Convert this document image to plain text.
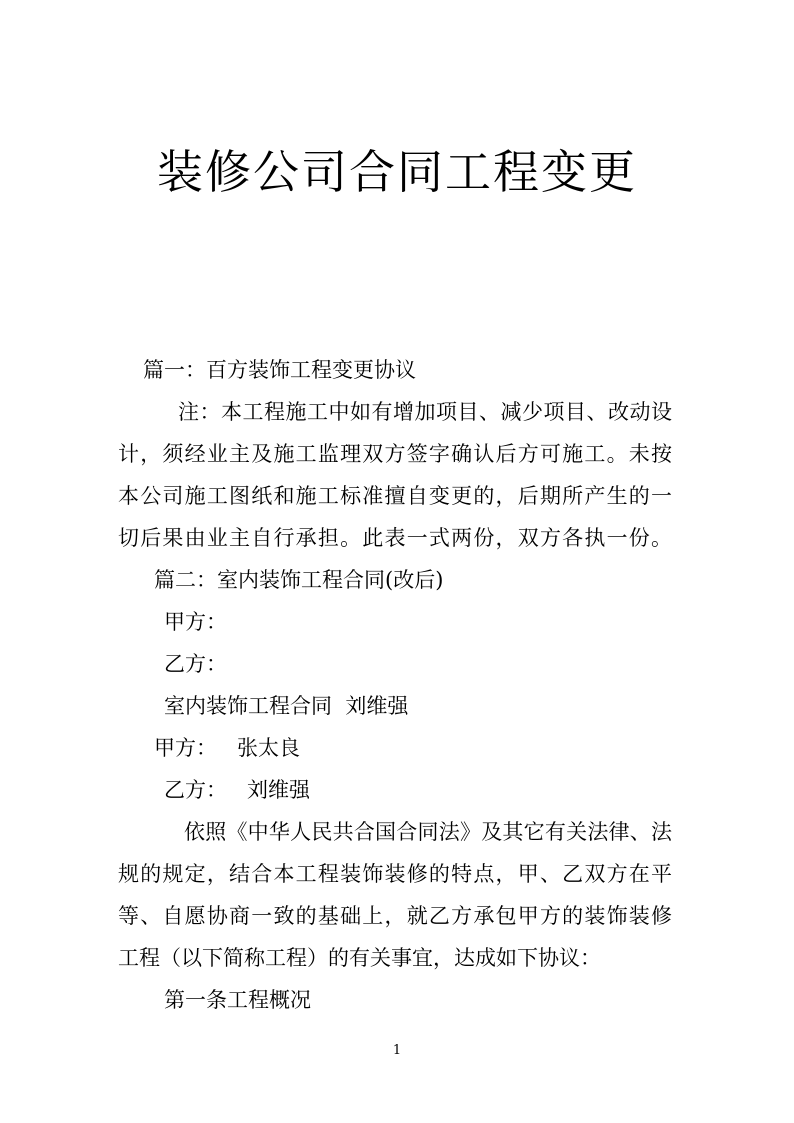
装修公司合同工程变更
篇一：百方装饰工程变更协议
注：本工程施工中如有增加项目、减少项目、改动设
计，须经业主及施工监理双方签字确认后方可施工。未按
本公司施工图纸和施工标准擅自变更的，后期所产生的一
切后果由业主自行承担。此表一式两份，双方各执一份。
篇二：室内装饰工程合同(改后)
甲方：
乙方：
室内装饰工程合同  刘维强
甲方：   张太良
乙方：   刘维强
依照《中华人民共合国合同法》及其它有关法律、法
规的规定，结合本工程装饰装修的特点，甲、乙双方在平
等、自愿协商一致的基础上，就乙方承包甲方的装饰装修
工程（以下简称工程）的有关事宜，达成如下协议：
第一条工程概况
1
